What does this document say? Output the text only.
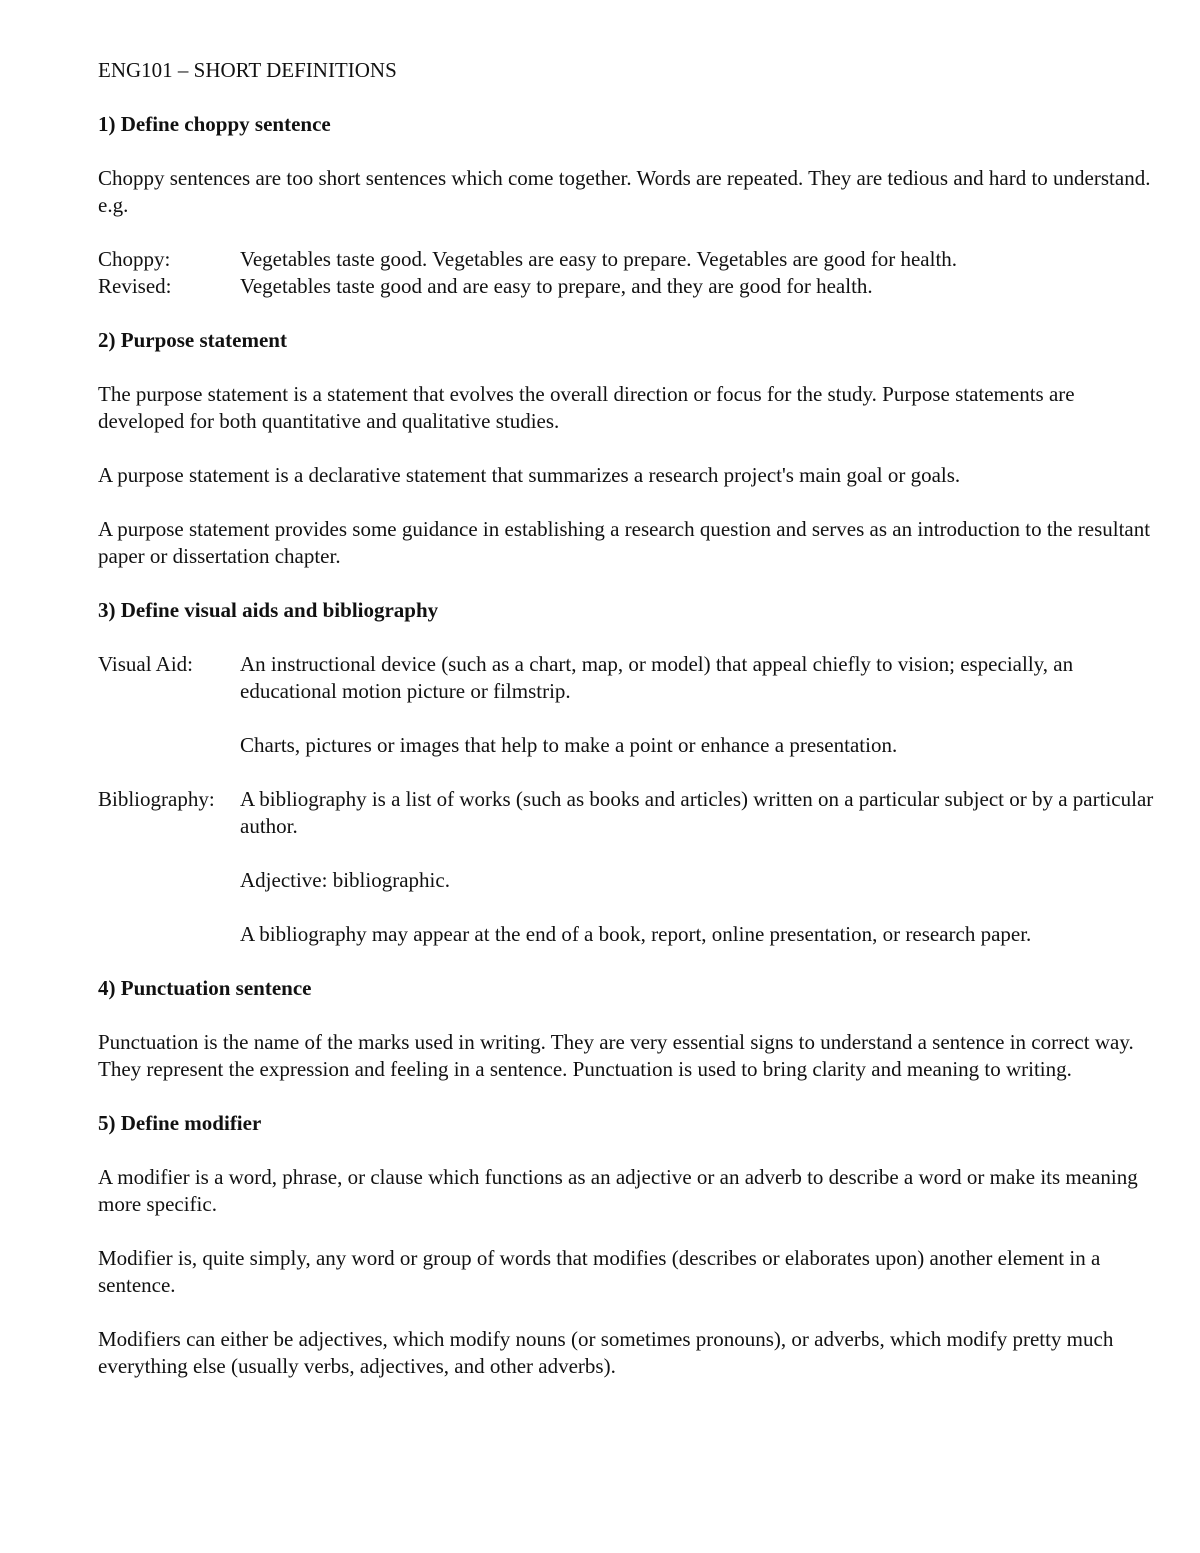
ENG101 – SHORT DEFINITIONS

1) Define choppy sentence

Choppy sentences are too short sentences which come together. Words are repeated. They are tedious and hard to understand. e.g.

Choppy:	Vegetables taste good. Vegetables are easy to prepare. Vegetables are good for health.
Revised:	Vegetables taste good and are easy to prepare, and they are good for health.

2) Purpose statement

The purpose statement is a statement that evolves the overall direction or focus for the study. Purpose statements are developed for both quantitative and qualitative studies.

A purpose statement is a declarative statement that summarizes a research project's main goal or goals.

A purpose statement provides some guidance in establishing a research question and serves as an introduction to the resultant paper or dissertation chapter.

3) Define visual aids and bibliography

Visual Aid:	An instructional device (such as a chart, map, or model) that appeal chiefly to vision; especially, an educational motion picture or filmstrip.

Charts, pictures or images that help to make a point or enhance a presentation.

Bibliography:	A bibliography is a list of works (such as books and articles) written on a particular subject or by a particular author.

Adjective: bibliographic.

A bibliography may appear at the end of a book, report, online presentation, or research paper.

4) Punctuation sentence

Punctuation is the name of the marks used in writing. They are very essential signs to understand a sentence in correct way. They represent the expression and feeling in a sentence. Punctuation is used to bring clarity and meaning to writing.

5) Define modifier

A modifier is a word, phrase, or clause which functions as an adjective or an adverb to describe a word or make its meaning more specific.

Modifier is, quite simply, any word or group of words that modifies (describes or elaborates upon) another element in a sentence.

Modifiers can either be adjectives, which modify nouns (or sometimes pronouns), or adverbs, which modify pretty much everything else (usually verbs, adjectives, and other adverbs).
